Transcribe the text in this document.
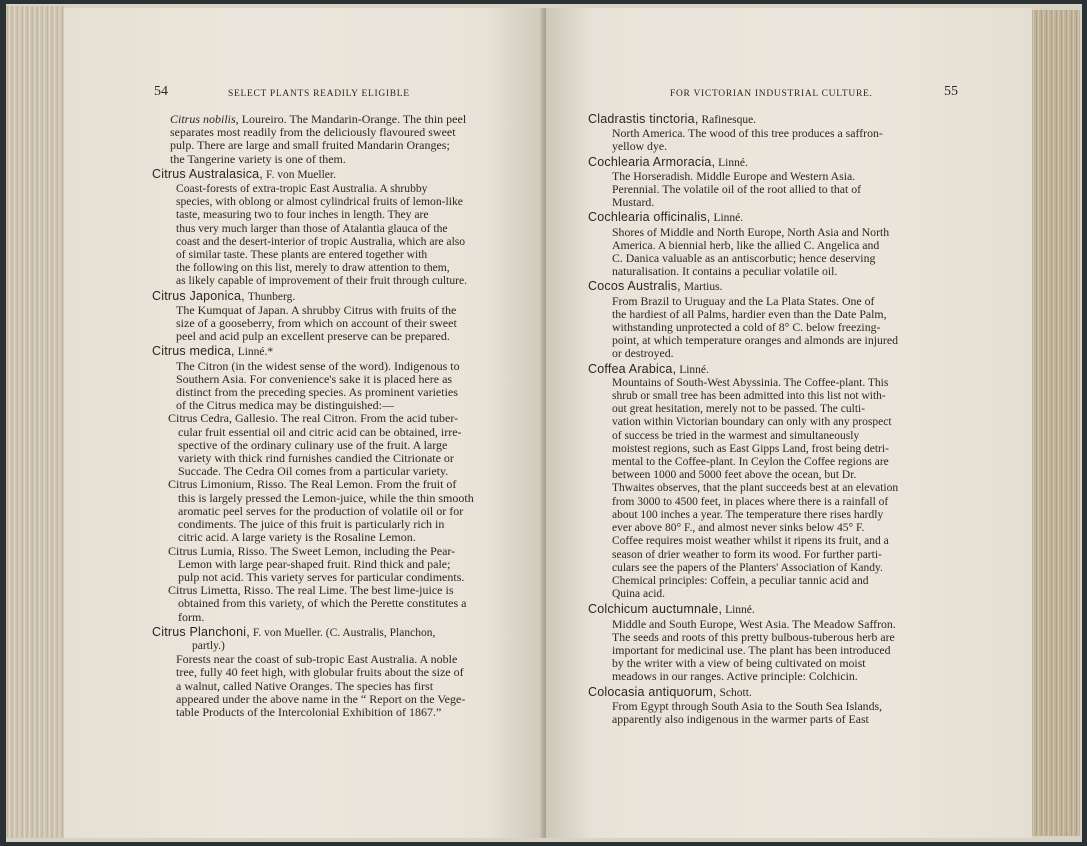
54	SELECT PLANTS READILY ELIGIBLE

Citrus nobilis, Loureiro. The Mandarin-Orange. The thin peel

separates most readily from the deliciously flavoured sweet

pulp. There are large and small fruited Mandarin Oranges;

the Tangerine variety is one of them.

Citrus Australasica, F. von Mueller.

Coast-forests of extra-tropic East Australia. A shrubby

species, with oblong or almost cylindrical fruits of lemon-like

taste, measuring two to four inches in length. They are

thus very much larger than those of Atalantia glauca of the

coast and the desert-interior of tropic Australia, which are also

of similar taste. These plants are entered together with

the following on this list, merely to draw attention to them,

as likely capable of improvement of their fruit through culture.

Citrus Japonica, Thunberg.

The Kumquat of Japan. A shrubby Citrus with fruits of the

size of a gooseberry, from which on account of their sweet

peel and acid pulp an excellent preserve can be prepared.

Citrus medica, Linné.*

The Citron (in the widest sense of the word). Indigenous to

Southern Asia. For convenience's sake it is placed here as

distinct from the preceding species. As prominent varieties

of the Citrus medica may be distinguished:—

Citrus Cedra, Gallesio. The real Citron. From the acid tuber-

cular fruit essential oil and citric acid can be obtained, irre-

spective of the ordinary culinary use of the fruit. A large

variety with thick rind furnishes candied the Citrionate or

Succade. The Cedra Oil comes from a particular variety.

Citrus Limonium, Risso. The Real Lemon. From the fruit of

this is largely pressed the Lemon-juice, while the thin smooth

aromatic peel serves for the production of volatile oil or for

condiments. The juice of this fruit is particularly rich in

citric acid. A large variety is the Rosaline Lemon.

Citrus Lumia, Risso. The Sweet Lemon, including the Pear-

Lemon with large pear-shaped fruit. Rind thick and pale;

pulp not acid. This variety serves for particular condiments.

Citrus Limetta, Risso. The real Lime. The best lime-juice is

obtained from this variety, of which the Perette constitutes a

form.

Citrus Planchoni, F. von Mueller. (C. Australis, Planchon,

partly.)

Forests near the coast of sub-tropic East Australia. A noble

tree, fully 40 feet high, with globular fruits about the size of

a walnut, called Native Oranges. The species has first

appeared under the above name in the “ Report on the Vege-

table Products of the Intercolonial Exhibition of 1867.”

FOR VICTORIAN INDUSTRIAL CULTURE.	55

Cladrastis tinctoria, Rafinesque.

North America. The wood of this tree produces a saffron-

yellow dye.

Cochlearia Armoracia, Linné.

The Horseradish. Middle Europe and Western Asia.

Perennial. The volatile oil of the root allied to that of

Mustard.

Cochlearia officinalis, Linné.

Shores of Middle and North Europe, North Asia and North

America. A biennial herb, like the allied C. Angelica and

C. Danica valuable as an antiscorbutic; hence deserving

naturalisation. It contains a peculiar volatile oil.

Cocos Australis, Martius.

From Brazil to Uruguay and the La Plata States. One of

the hardiest of all Palms, hardier even than the Date Palm,

withstanding unprotected a cold of 8° C. below freezing-

point, at which temperature oranges and almonds are injured

or destroyed.

Coffea Arabica, Linné.

Mountains of South-West Abyssinia. The Coffee-plant. This

shrub or small tree has been admitted into this list not with-

out great hesitation, merely not to be passed. The culti-

vation within Victorian boundary can only with any prospect

of success be tried in the warmest and simultaneously

moistest regions, such as East Gipps Land, frost being detri-

mental to the Coffee-plant. In Ceylon the Coffee regions are

between 1000 and 5000 feet above the ocean, but Dr.

Thwaites observes, that the plant succeeds best at an elevation

from 3000 to 4500 feet, in places where there is a rainfall of

about 100 inches a year. The temperature there rises hardly

ever above 80° F., and almost never sinks below 45° F.

Coffee requires moist weather whilst it ripens its fruit, and a

season of drier weather to form its wood. For further parti-

culars see the papers of the Planters' Association of Kandy.

Chemical principles: Coffein, a peculiar tannic acid and

Quina acid.

Colchicum auctumnale, Linné.

Middle and South Europe, West Asia. The Meadow Saffron.

The seeds and roots of this pretty bulbous-tuberous herb are

important for medicinal use. The plant has been introduced

by the writer with a view of being cultivated on moist

meadows in our ranges. Active principle: Colchicin.

Colocasia antiquorum, Schott.

From Egypt through South Asia to the South Sea Islands,

apparently also indigenous in the warmer parts of East
